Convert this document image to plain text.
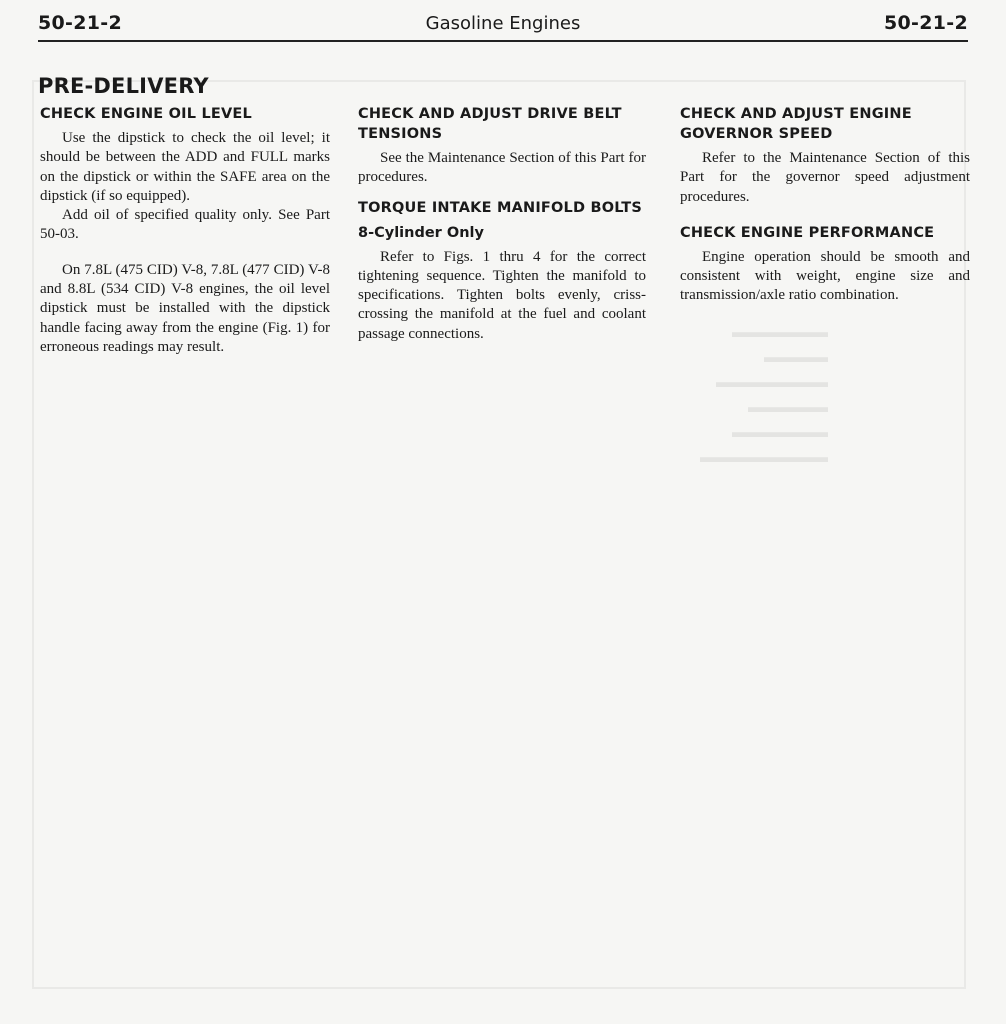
▬▬▬▬▬▬
▬▬▬▬
▬▬▬▬▬▬▬
▬▬▬▬▬
▬▬▬▬▬▬
▬▬▬▬▬▬▬▬
50-21-2	Gasoline Engines	50-21-2
PRE-DELIVERY
CHECK ENGINE OIL LEVEL

Use the dipstick to check the oil level; it should be between the ADD and FULL marks on the dipstick or within the SAFE area on the dipstick (if so equipped).

Add oil of specified quality only. See Part 50-03.

On 7.8L (475 CID) V-8, 7.8L (477 CID) V-8 and 8.8L (534 CID) V-8 engines, the oil level dipstick must be installed with the dipstick handle facing away from the engine (Fig. 1) for erroneous readings may result.

CHECK AND ADJUST DRIVE BELT TENSIONS

See the Maintenance Section of this Part for procedures.

TORQUE INTAKE MANIFOLD BOLTS
8-Cylinder Only

Refer to Figs. 1 thru 4 for the correct tightening sequence. Tighten the manifold to specifications. Tighten bolts evenly, criss-crossing the manifold at the fuel and coolant passage connections.

CHECK AND ADJUST ENGINE GOVERNOR SPEED

Refer to the Maintenance Section of this Part for the governor speed adjustment procedures.

CHECK ENGINE PERFORMANCE

Engine operation should be smooth and consistent with weight, engine size and transmission/axle ratio combination.
